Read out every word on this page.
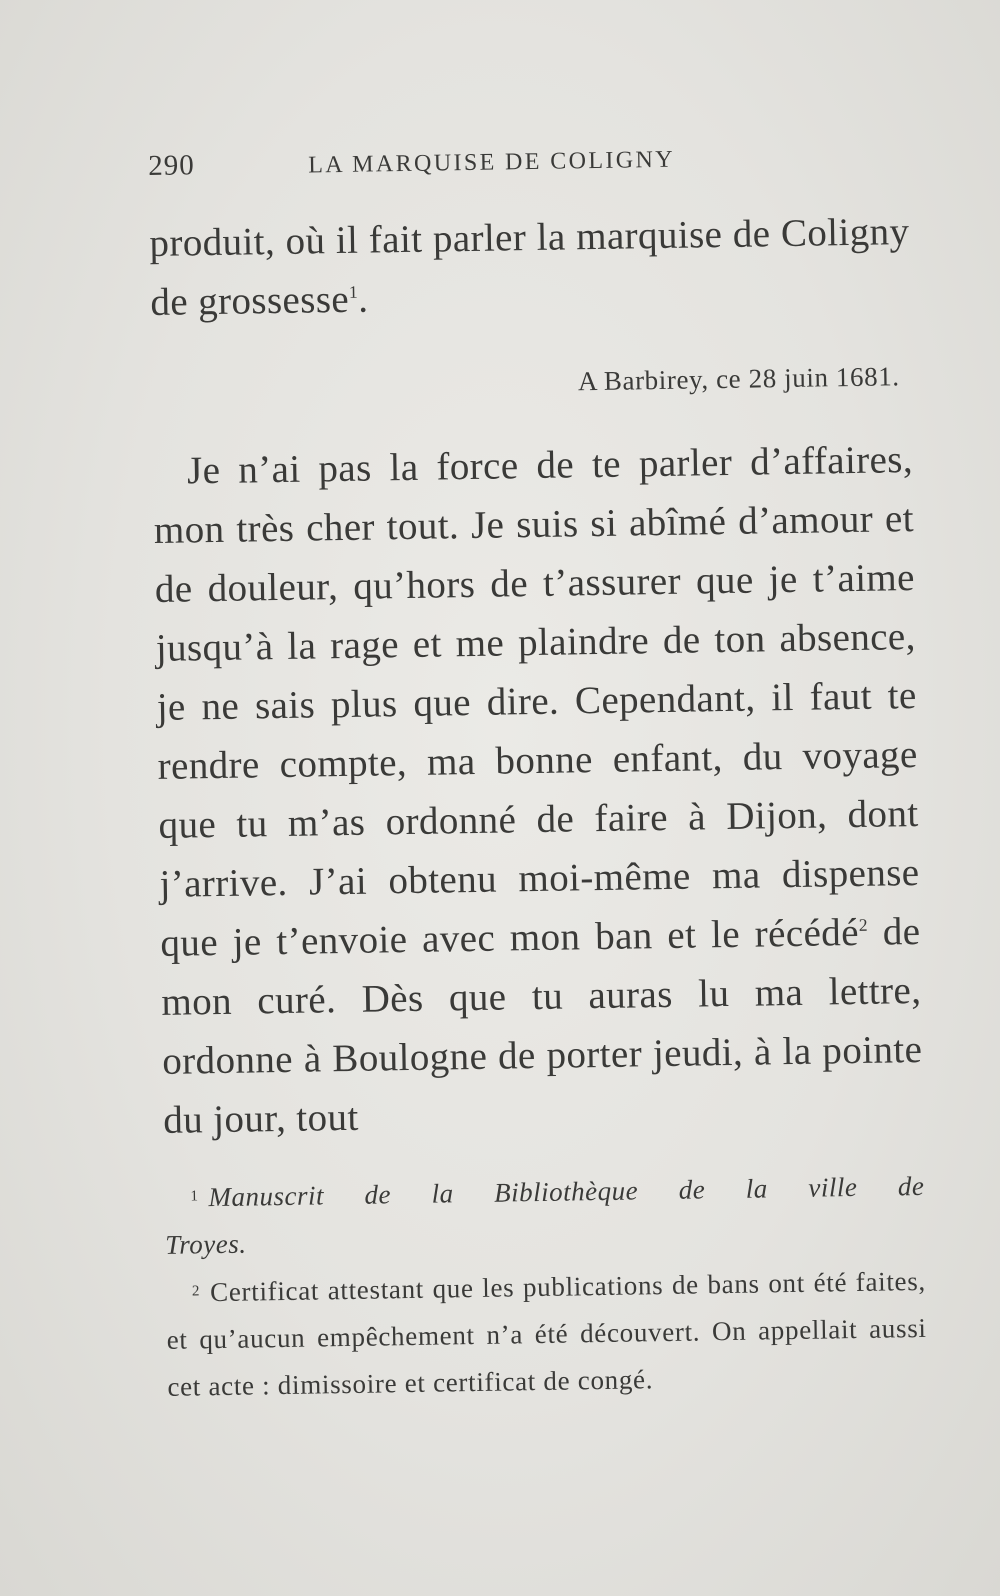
290	LA MARQUISE DE COLIGNY

produit, où il fait parler la marquise de Coligny de grossesse$^1$.

A Barbirey, ce 28 juin 1681.

Je n’ai pas la force de te parler d’affaires, mon très cher tout. Je suis si abîmé d’amour et de douleur, qu’hors de t’assurer que je t’aime jusqu’à la rage et me plaindre de ton absence, je ne sais plus que dire. Cependant, il faut te rendre compte, ma bonne enfant, du voyage que tu m’as ordonné de faire à Dijon, dont j’arrive. J’ai obtenu moi-même ma dispense que je t’envoie avec mon ban et le récédé$^2$ de mon curé. Dès que tu auras lu ma lettre, ordonne à Boulogne de porter jeudi, à la pointe du jour, tout

$^1$ Manuscrit de la Bibliothèque de la ville de

Troyes.

$^2$ Certificat attestant que les publications de bans ont été faites, et qu’aucun empêchement n’a été découvert. On appellait aussi cet acte : dimissoire et certificat de congé.
